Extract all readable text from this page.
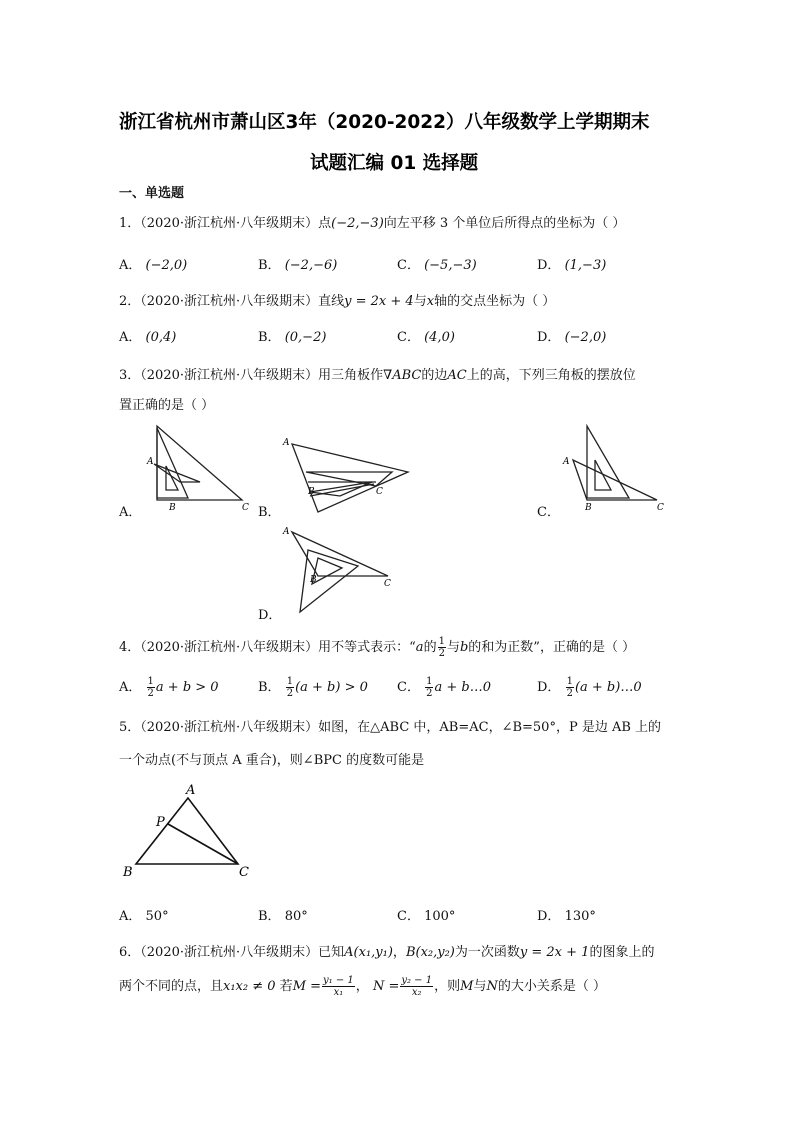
浙江省杭州市萧山区3年（2020-2022）八年级数学上学期期末
试题汇编 01 选择题
一、单选题
1．（2020·浙江杭州·八年级期末）点(−2,−3)向左平移 3 个单位后所得点的坐标为（ ）
A． (−2,0)	B． (−2,−6)	C． (−5,−3)	D． (1,−3)
2．（2020·浙江杭州·八年级期末）直线y = 2x + 4与x轴的交点坐标为（ ）
A． (0,4)	B． (0,−2)	C． (4,0)	D． (−2,0)
3．（2020·浙江杭州·八年级期末）用三角板作∇ABC的边AC上的高，下列三角板的摆放位
置正确的是（ ）
A
B	C
A．
A
B	C
B．
A
B	C
C．
A
B	C
D．
4．（2020·浙江杭州·八年级期末）用不等式表示：“a的 $\frac{1}{2}$ 与b的和为正数”，正确的是（ ）
A． $\frac{1}{2}$ a + b > 0	B． $\frac{1}{2} (a + b) > 0$ C． $\frac{1}{2}$ a + b…0	D． $\frac{1}{2} (a$ + b)…0
5．（2020·浙江杭州·八年级期末）如图，在△ABC 中，AB=AC，∠B=50°，P 是边 AB 上的
一个动点(不与顶点 A 重合)，则∠BPC 的度数可能是
A
P
B	C
A． 50°	B． 80°	C． 100°	D． 130°
6．（2020·浙江杭州·八年级期末）已知A(x₁,y₁)，B(x₂,y₂)为一次函数y = 2x + 1的图象上的
两个不同的点，且x₁x₂ ≠ 0 若$M = \frac{\text{y₁ − 1}}{\text{x₁}}$ ， $N = \frac{\text{y₂ − 1}}{\text{x₂}}$ ，则M与N的大小关系是（ ）
